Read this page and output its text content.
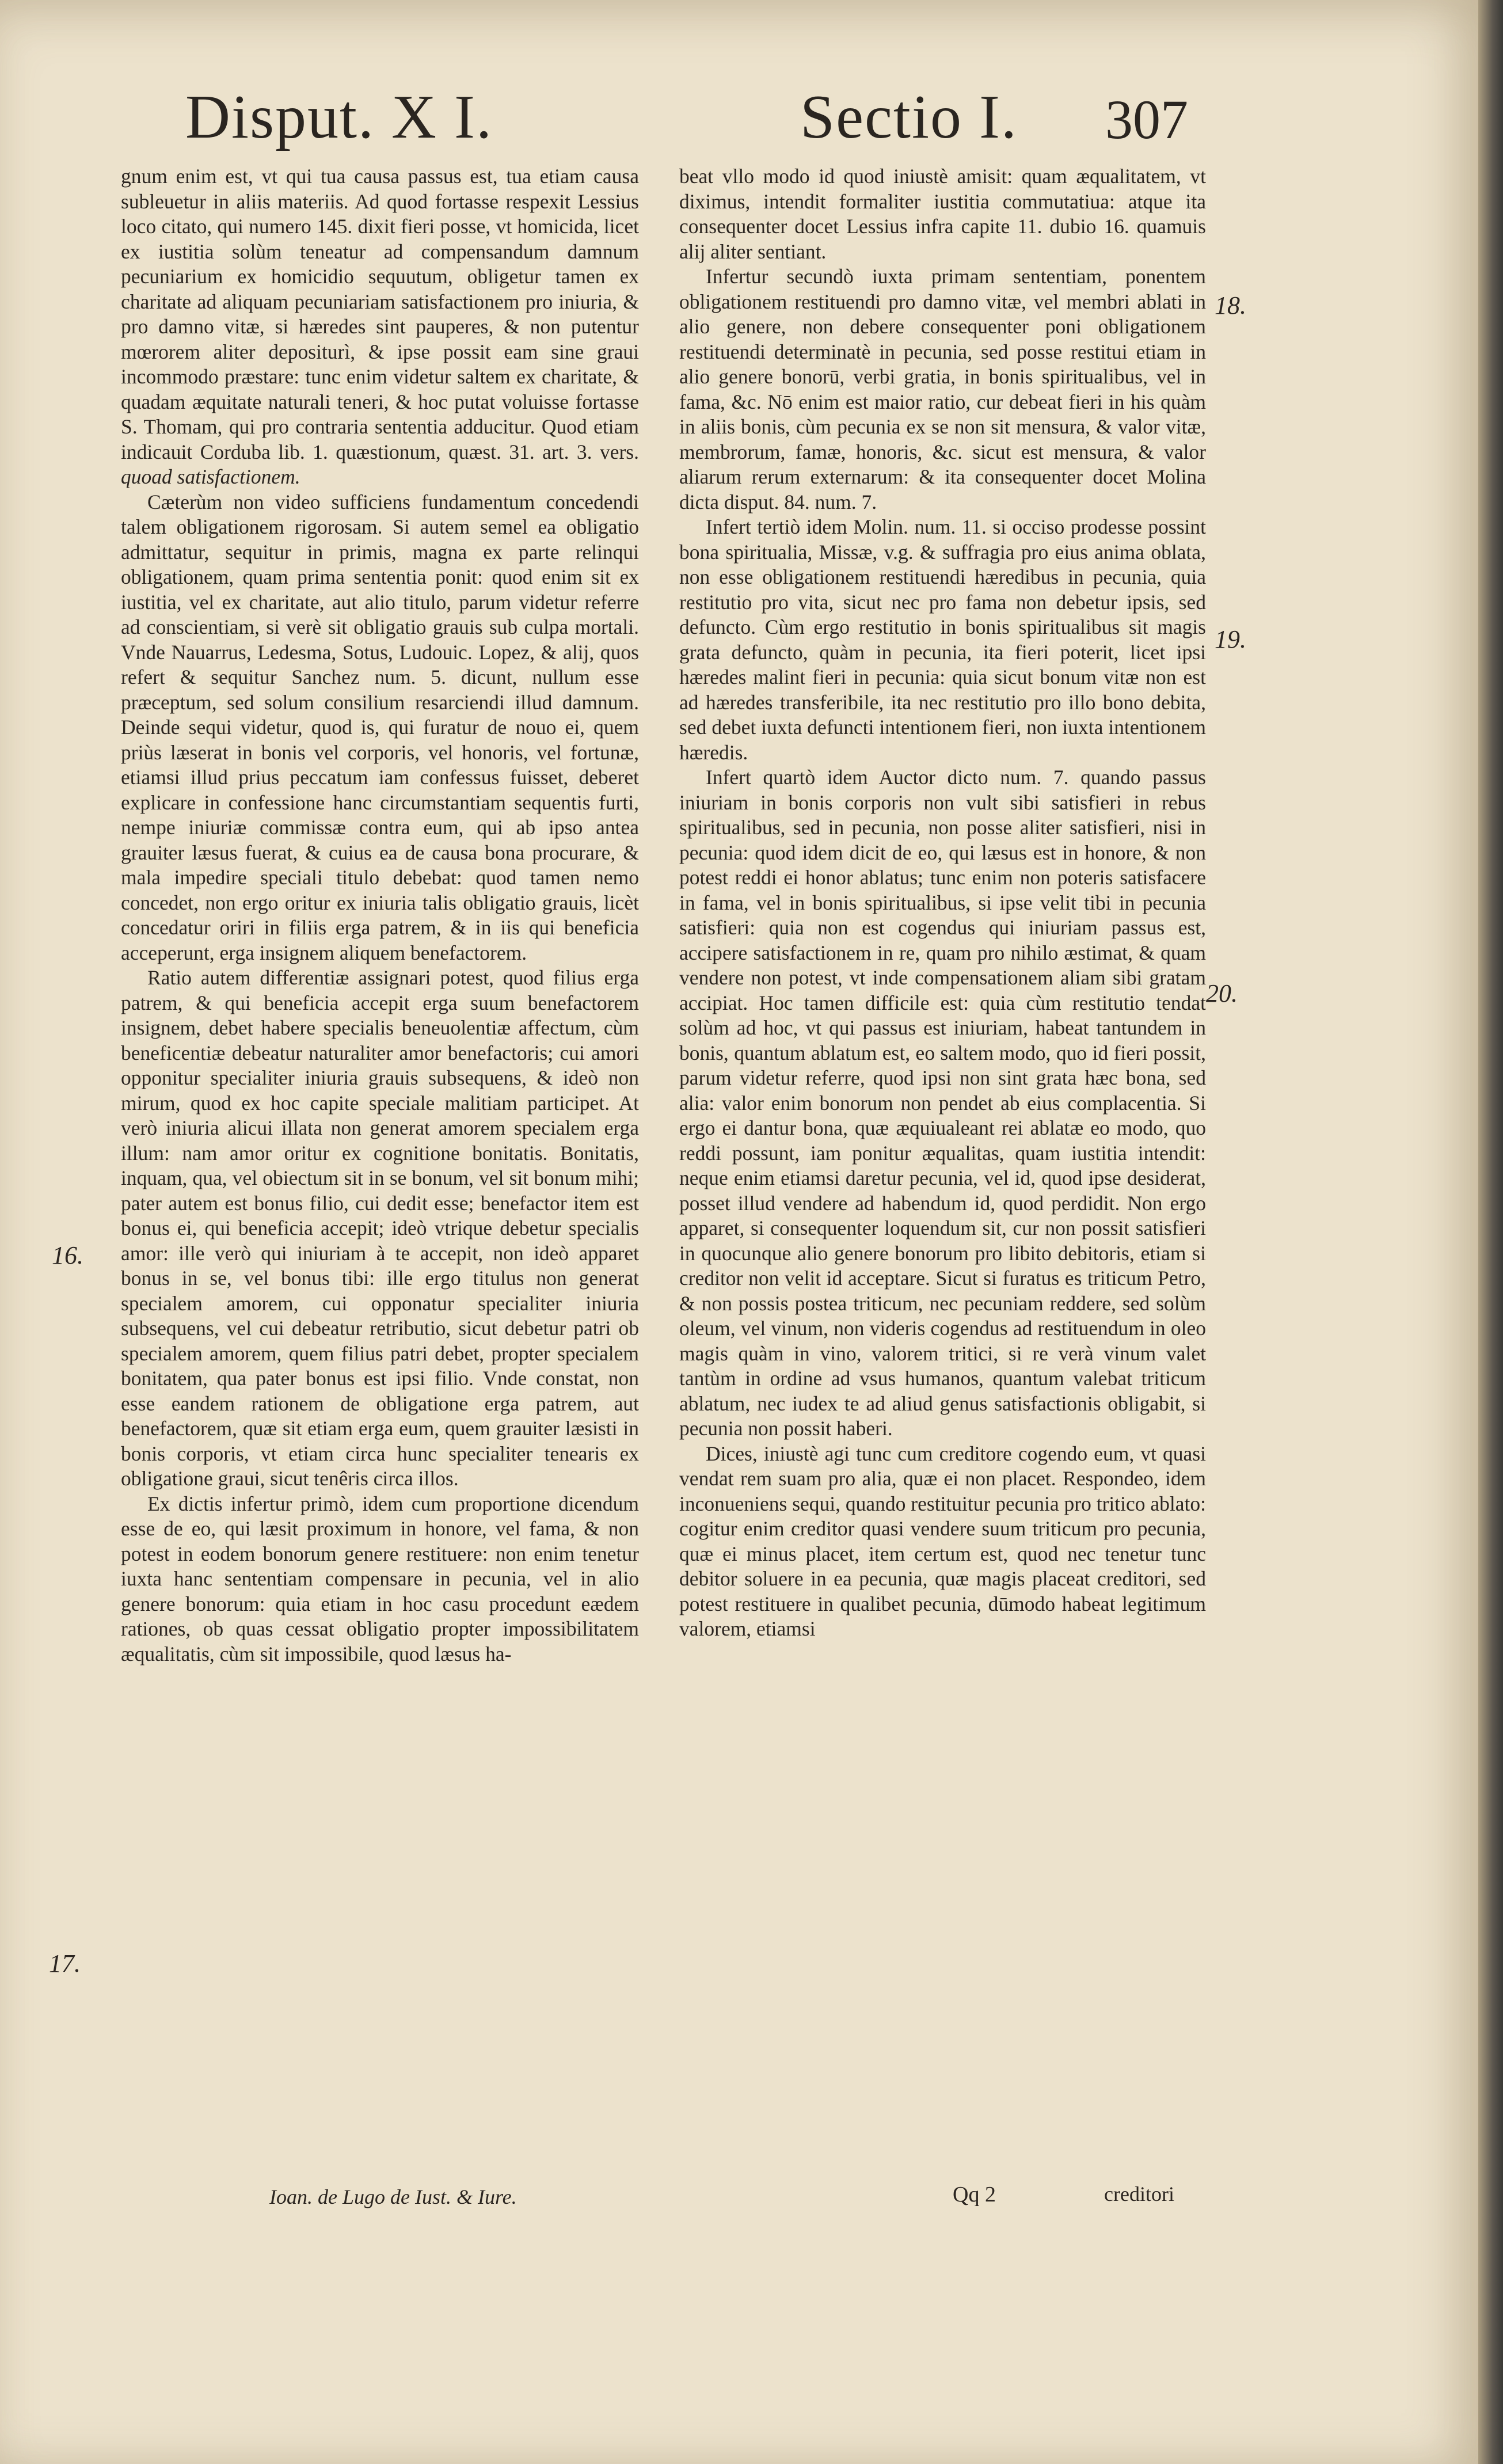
Disput. X I.	Sectio I. 307

gnum enim est, vt qui tua causa passus est, tua etiam causa subleuetur in aliis materiis. Ad quod fortasse respexit Lessius loco citato, qui numero 145. dixit fieri posse, vt homicida, licet ex iustitia solùm teneatur ad compensandum damnum pecuniarium ex homicidio sequutum, obligetur tamen ex charitate ad aliquam pecuniariam satisfactionem pro iniuria, & pro damno vitæ, si hæredes sint pauperes, & non putentur mœrorem aliter depositurì, & ipse possit eam sine graui incommodo præstare: tunc enim videtur saltem ex charitate, & quadam æquitate naturali teneri, & hoc putat voluisse fortasse S. Thomam, qui pro contraria sententia adducitur. Quod etiam indicauit Corduba lib. 1. quæstionum, quæst. 31. art. 3. vers. quoad satisfactionem.

Cæterùm non video sufficiens fundamentum concedendi talem obligationem rigorosam. Si autem semel ea obligatio admittatur, sequitur in primis, magna ex parte relinqui obligationem, quam prima sententia ponit: quod enim sit ex iustitia, vel ex charitate, aut alio titulo, parum videtur referre ad conscientiam, si verè sit obligatio grauis sub culpa mortali. Vnde Nauarrus, Ledesma, Sotus, Ludouic. Lopez, & alij, quos refert & sequitur Sanchez num. 5. dicunt, nullum esse præceptum, sed solum consilium resarciendi illud damnum. Deinde sequi videtur, quod is, qui furatur de nouo ei, quem priùs læserat in bonis vel corporis, vel honoris, vel fortunæ, etiamsi illud prius peccatum iam confessus fuisset, deberet explicare in confessione hanc circumstantiam sequentis furti, nempe iniuriæ commissæ contra eum, qui ab ipso antea grauiter læsus fuerat, & cuius ea de causa bona procurare, & mala impedire speciali titulo debebat: quod tamen nemo concedet, non ergo oritur ex iniuria talis obligatio grauis, licèt concedatur oriri in filiis erga patrem, & in iis qui beneficia acceperunt, erga insignem aliquem benefactorem.

Ratio autem differentiæ assignari potest, quod filius erga patrem, & qui beneficia accepit erga suum benefactorem insignem, debet habere specialis beneuolentiæ affectum, cùm beneficentiæ debeatur naturaliter amor benefactoris; cui amori opponitur specialiter iniuria grauis subsequens, & ideò non mirum, quod ex hoc capite speciale malitiam participet. At verò iniuria alicui illata non generat amorem specialem erga illum: nam amor oritur ex cognitione bonitatis. Bonitatis, inquam, qua, vel obiectum sit in se bonum, vel sit bonum mihi; pater autem est bonus filio, cui dedit esse; benefactor item est bonus ei, qui beneficia accepit; ideò vtrique debetur specialis amor: ille verò qui iniuriam à te accepit, non ideò apparet bonus in se, vel bonus tibi: ille ergo titulus non generat specialem amorem, cui opponatur specialiter iniuria subsequens, vel cui debeatur retributio, sicut debetur patri ob specialem amorem, quem filius patri debet, propter specialem bonitatem, qua pater bonus est ipsi filio. Vnde constat, non esse eandem rationem de obligatione erga patrem, aut benefactorem, quæ sit etiam erga eum, quem grauiter læsisti in bonis corporis, vt etiam circa hunc specialiter tenearis ex obligatione graui, sicut tenêris circa illos.

Ex dictis infertur primò, idem cum proportione dicendum esse de eo, qui læsit proximum in honore, vel fama, & non potest in eodem bonorum genere restituere: non enim tenetur iuxta hanc sententiam compensare in pecunia, vel in alio genere bonorum: quia etiam in hoc casu procedunt eædem rationes, ob quas cessat obligatio propter impossibilitatem æqualitatis, cùm sit impossibile, quod læsus ha-

beat vllo modo id quod iniustè amisit: quam æqualitatem, vt diximus, intendit formaliter iustitia commutatiua: atque ita consequenter docet Lessius infra capite 11. dubio 16. quamuis alij aliter sentiant.

Infertur secundò iuxta primam sententiam, ponentem obligationem restituendi pro damno vitæ, vel membri ablati in alio genere, non debere consequenter poni obligationem restituendi determinatè in pecunia, sed posse restitui etiam in alio genere bonorū, verbi gratia, in bonis spiritualibus, vel in fama, &c. Nō enim est maior ratio, cur debeat fieri in his quàm in aliis bonis, cùm pecunia ex se non sit mensura, & valor vitæ, membrorum, famæ, honoris, &c. sicut est mensura, & valor aliarum rerum externarum: & ita consequenter docet Molina dicta disput. 84. num. 7.

Infert tertiò idem Molin. num. 11. si occiso prodesse possint bona spiritualia, Missæ, v.g. & suffragia pro eius anima oblata, non esse obligationem restituendi hæredibus in pecunia, quia restitutio pro vita, sicut nec pro fama non debetur ipsis, sed defuncto. Cùm ergo restitutio in bonis spiritualibus sit magis grata defuncto, quàm in pecunia, ita fieri poterit, licet ipsi hæredes malint fieri in pecunia: quia sicut bonum vitæ non est ad hæredes transferibile, ita nec restitutio pro illo bono debita, sed debet iuxta defuncti intentionem fieri, non iuxta intentionem hæredis.

Infert quartò idem Auctor dicto num. 7. quando passus iniuriam in bonis corporis non vult sibi satisfieri in rebus spiritualibus, sed in pecunia, non posse aliter satisfieri, nisi in pecunia: quod idem dicit de eo, qui læsus est in honore, & non potest reddi ei honor ablatus; tunc enim non poteris satisfacere in fama, vel in bonis spiritualibus, si ipse velit tibi in pecunia satisfieri: quia non est cogendus qui iniuriam passus est, accipere satisfactionem in re, quam pro nihilo æstimat, & quam vendere non potest, vt inde compensationem aliam sibi gratam accipiat. Hoc tamen difficile est: quia cùm restitutio tendat solùm ad hoc, vt qui passus est iniuriam, habeat tantundem in bonis, quantum ablatum est, eo saltem modo, quo id fieri possit, parum videtur referre, quod ipsi non sint grata hæc bona, sed alia: valor enim bonorum non pendet ab eius complacentia. Si ergo ei dantur bona, quæ æquiualeant rei ablatæ eo modo, quo reddi possunt, iam ponitur æqualitas, quam iustitia intendit: neque enim etiamsi daretur pecunia, vel id, quod ipse desiderat, posset illud vendere ad habendum id, quod perdidit. Non ergo apparet, si consequenter loquendum sit, cur non possit satisfieri in quocunque alio genere bonorum pro libito debitoris, etiam si creditor non velit id acceptare. Sicut si furatus es triticum Petro, & non possis postea triticum, nec pecuniam reddere, sed solùm oleum, vel vinum, non videris cogendus ad restituendum in oleo magis quàm in vino, valorem tritici, si re verà vinum valet tantùm in ordine ad vsus humanos, quantum valebat triticum ablatum, nec iudex te ad aliud genus satisfactionis obligabit, si pecunia non possit haberi.

Dices, iniustè agi tunc cum creditore cogendo eum, vt quasi vendat rem suam pro alia, quæ ei non placet. Respondeo, idem inconueniens sequi, quando restituitur pecunia pro tritico ablato: cogitur enim creditor quasi vendere suum triticum pro pecunia, quæ ei minus placet, item certum est, quod nec tenetur tunc debitor soluere in ea pecunia, quæ magis placeat creditori, sed potest restituere in qualibet pecunia, dūmodo habeat legitimum valorem, etiamsi

16.
17.
18.
19.
20.
Ioan. de Lugo de Iust. & Iure.	Qq 2	creditori
